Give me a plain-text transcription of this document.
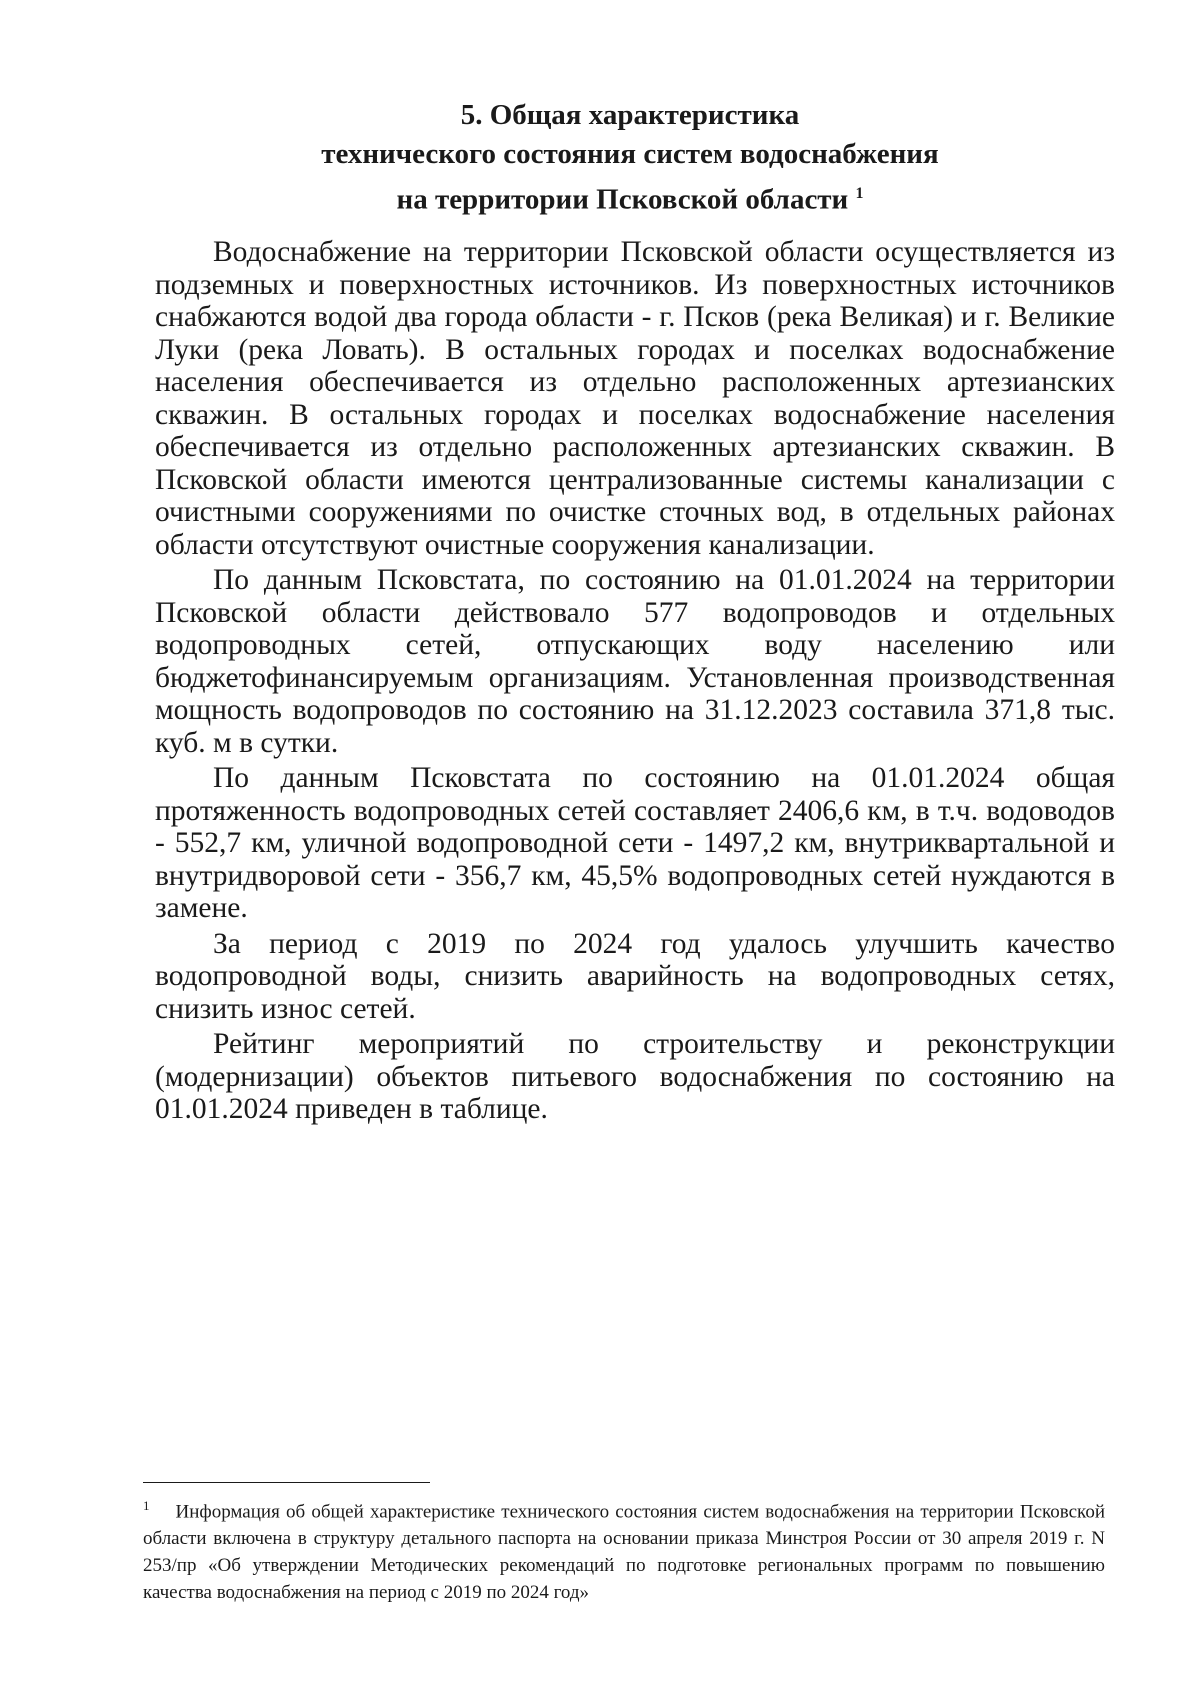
5. Общая характеристика
технического состояния систем водоснабжения
на территории Псковской области $^1$

Водоснабжение на территории Псковской области осуществляется из подземных и поверхностных источников. Из поверхностных источников снабжаются водой два города области - г. Псков (река Великая) и г. Великие Луки (река Ловать). В остальных городах и поселках водоснабжение населения обеспечивается из отдельно расположенных артезианских скважин. В остальных городах и поселках водоснабжение населения обеспечивается из отдельно расположенных артезианских скважин. В Псковской области имеются централизованные системы канализации с очистными сооружениями по очистке сточных вод, в отдельных районах области отсутствуют очистные сооружения канализации.

По данным Псковстата, по состоянию на 01.01.2024 на территории Псковской области действовало 577 водопроводов и отдельных водопроводных сетей, отпускающих воду населению или бюджетофинансируемым организациям. Установленная производственная мощность водопроводов по состоянию на 31.12.2023 составила 371,8 тыс. куб. м в сутки.

По данным Псковстата по состоянию на 01.01.2024 общая протяженность водопроводных сетей составляет 2406,6 км, в т.ч. водоводов - 552,7 км, уличной водопроводной сети - 1497,2 км, внутриквартальной и внутридворовой сети - 356,7 км, 45,5% водопроводных сетей нуждаются в замене.

За период с 2019 по 2024 год удалось улучшить качество водопроводной воды, снизить аварийность на водопроводных сетях, снизить износ сетей.

Рейтинг мероприятий по строительству и реконструкции (модернизации) объектов питьевого водоснабжения по состоянию на 01.01.2024 приведен в таблице.

$^1$ Информация об общей характеристике технического состояния систем водоснабжения на территории Псковской области включена в структуру детального паспорта на основании приказа Минстроя России от 30 апреля 2019 г. N 253/пр «Об утверждении Методических рекомендаций по подготовке региональных программ по повышению качества водоснабжения на период с 2019 по 2024 год»
